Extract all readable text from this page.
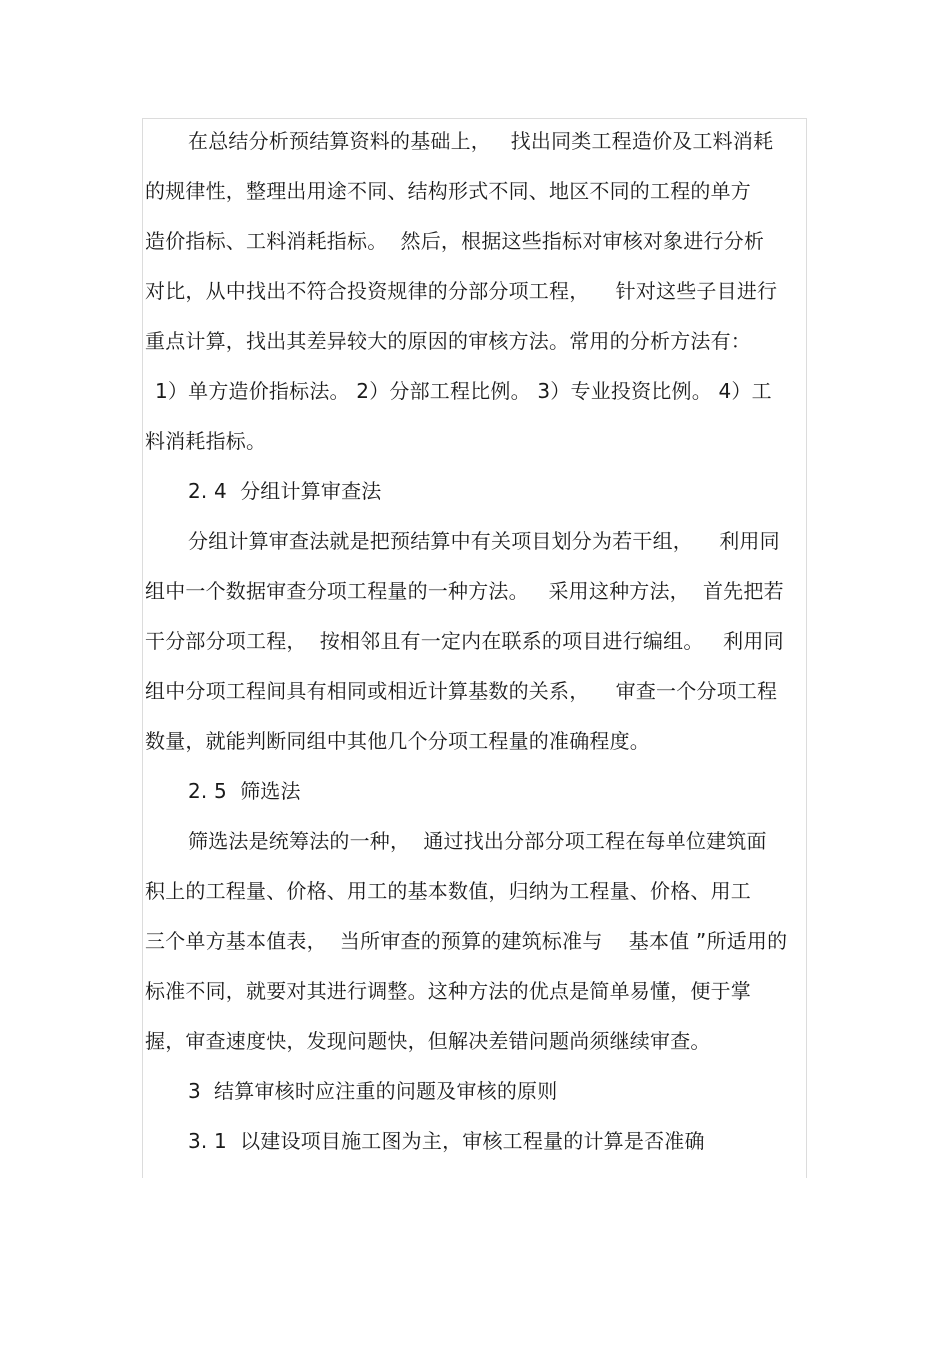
在总结分析预结算资料的基础上，   找出同类工程造价及工料消耗
的规律性，整理出用途不同、结构形式不同、地区不同的工程的单方
造价指标、工料消耗指标。  然后，根据这些指标对审核对象进行分析
对比，从中找出不符合投资规律的分部分项工程，    针对这些子目进行
重点计算，找出其差异较大的原因的审核方法。常用的分析方法有：
1）单方造价指标法。 2）分部工程比例。 3）专业投资比例。 4）工
料消耗指标。
2. 4  分组计算审查法
分组计算审查法就是把预结算中有关项目划分为若干组，    利用同
组中一个数据审查分项工程量的一种方法。   采用这种方法，  首先把若
干分部分项工程，  按相邻且有一定内在联系的项目进行编组。   利用同
组中分项工程间具有相同或相近计算基数的关系，    审查一个分项工程
数量，就能判断同组中其他几个分项工程量的准确程度。
2. 5  筛选法
筛选法是统筹法的一种，  通过找出分部分项工程在每单位建筑面
积上的工程量、价格、用工的基本数值，归纳为工程量、价格、用工
三个单方基本值表，  当所审查的预算的建筑标准与    基本值 ”所适用的
标准不同，就要对其进行调整。这种方法的优点是简单易懂，便于掌
握，审查速度快，发现问题快，但解决差错问题尚须继续审查。
3  结算审核时应注重的问题及审核的原则
3. 1  以建设项目施工图为主，审核工程量的计算是否准确
